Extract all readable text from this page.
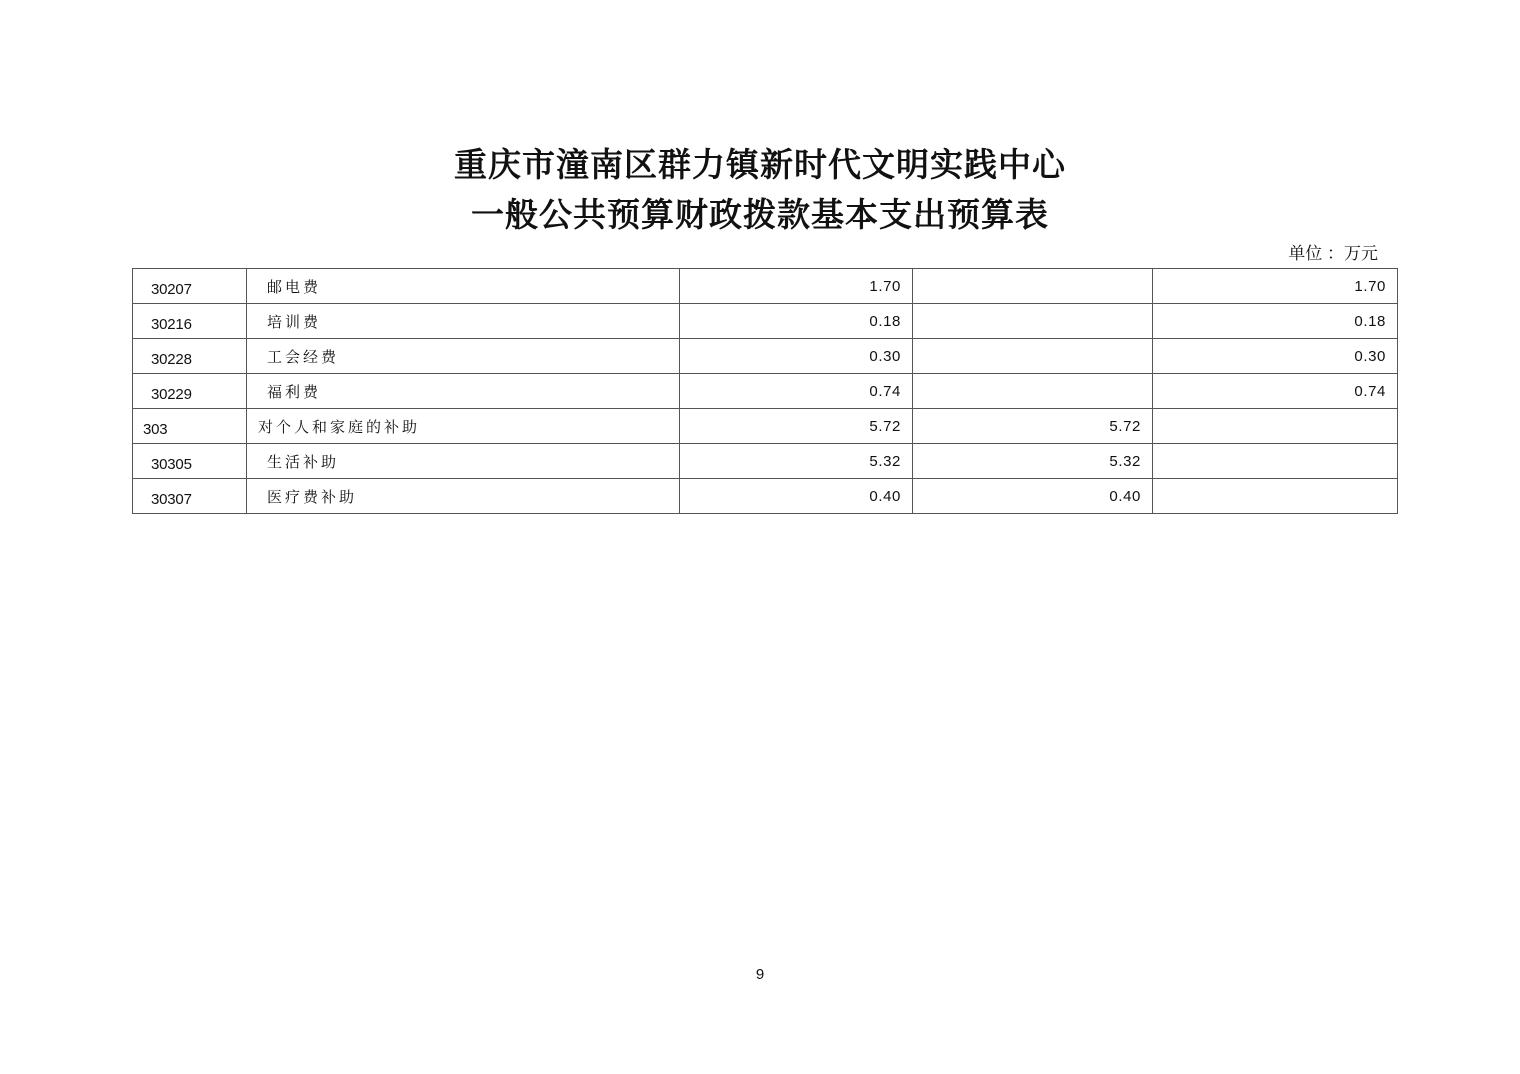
重庆市潼南区群力镇新时代文明实践中心
一般公共预算财政拨款基本支出预算表
单位 ：万元
30207	邮电费	1.70		1.70
30216	培训费	0.18		0.18
30228	工会经费	0.30		0.30
30229	福利费	0.74		0.74
303	对个人和家庭的补助	5.72	5.72	
30305	生活补助	5.32	5.32	
30307	医疗费补助	0.40	0.40	
9
